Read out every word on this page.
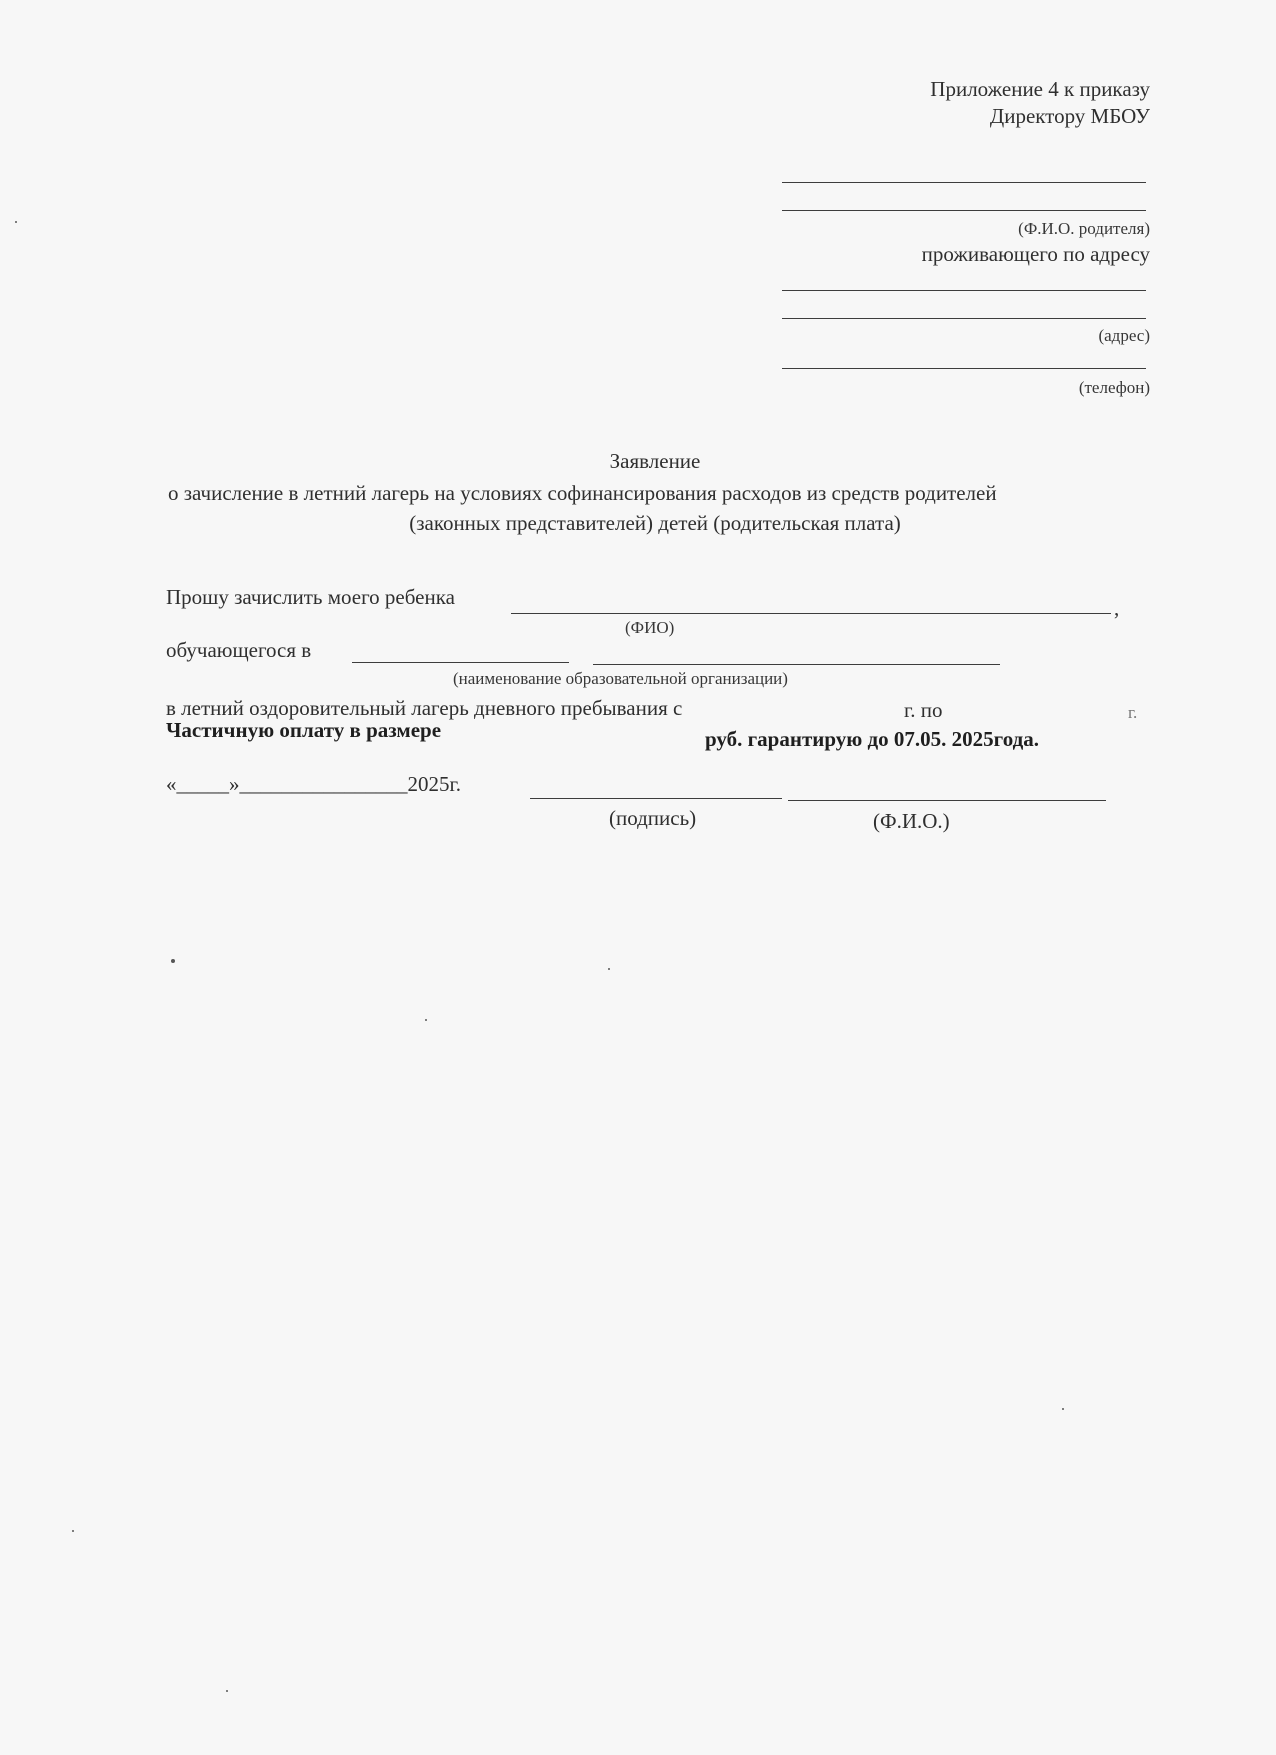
Приложение 4 к приказу
Директору МБОУ
(Ф.И.О. родителя)
проживающего по адресу
(адрес)
(телефон)
Заявление
о зачисление в летний лагерь на условиях софинансирования расходов из средств родителей
(законных представителей) детей (родительская плата)
Прошу зачислить моего ребенка	,
(ФИО)
обучающегося в
(наименование образовательной организации)
в летний оздоровительный лагерь дневного пребывания с	г. по	г.
Частичную оплату в размере	руб. гарантирую до 07.05. 2025года.
«_____»________________2025г.
(подпись)	(Ф.И.О.)
